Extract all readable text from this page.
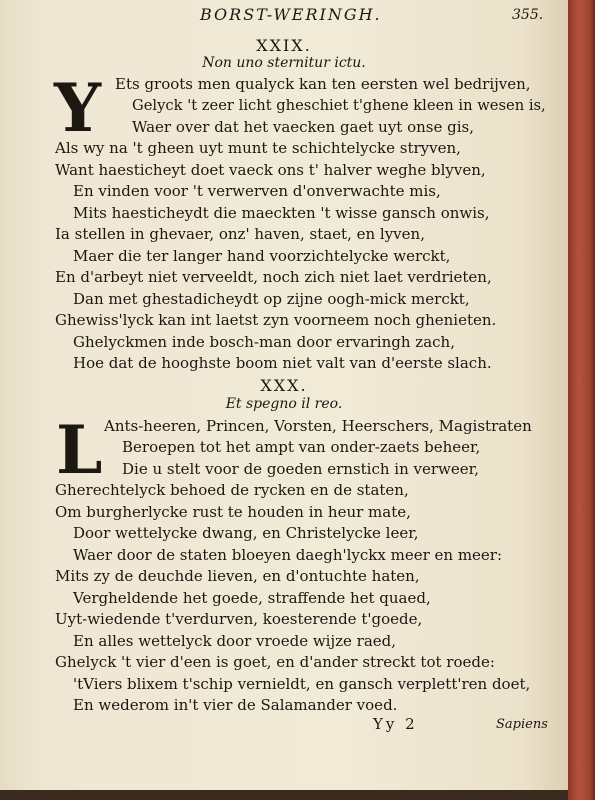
BORST-WERINGH.	355.
XXIX.
Non uno sternitur ictu.
Y Ets groots men qualyck kan ten eersten wel bedrijven,
Gelyck 't zeer licht gheschiet t'ghene kleen in wesen is,
Waer over dat het vaecken gaet uyt onse gis,
Als wy na 't gheen uyt munt te schichtelycke stryven,
Want haesticheyt doet vaeck ons t' halver weghe blyven,
En vinden voor 't verwerven d'onverwachte mis,
Mits haesticheydt die maeckten 't wisse gansch onwis,
Ia stellen in ghevaer, onz' haven, staet, en lyven,
Maer die ter langer hand voorzichtelycke werckt,
En d'arbeyt niet verveeldt, noch zich niet laet verdrieten,
Dan met ghestadicheydt op zijne oogh-mick merckt,
Ghewiss'lyck kan int laetst zyn voorneem noch ghenieten.
Ghelyckmen inde bosch-man door ervaringh zach,
Hoe dat de hooghste boom niet valt van d'eerste slach.
XXX.
Et spegno il reo.
L Ants-heeren, Princen, Vorsten, Heerschers, Magistraten
Beroepen tot het ampt van onder-zaets beheer,
Die u stelt voor de goeden ernstich in verweer,
Gherechtelyck behoed de rycken en de staten,
Om burgherlycke rust te houden in heur mate,
Door wettelycke dwang, en Christelycke leer,
Waer door de staten bloeyen daegh'lyckx meer en meer:
Mits zy de deuchde lieven, en d'ontuchte haten,
Vergheldende het goede, straffende het quaed,
Uyt-wiedende t'verdurven, koesterende t'goede,
En alles wettelyck door vroede wijze raed,
Ghelyck 't vier d'een is goet, en d'ander streckt tot roede:
'tViers blixem t'schip vernieldt, en gansch verplett'ren doet,
En wederom in't vier de Salamander voed.
Yy 2	Sapiens
